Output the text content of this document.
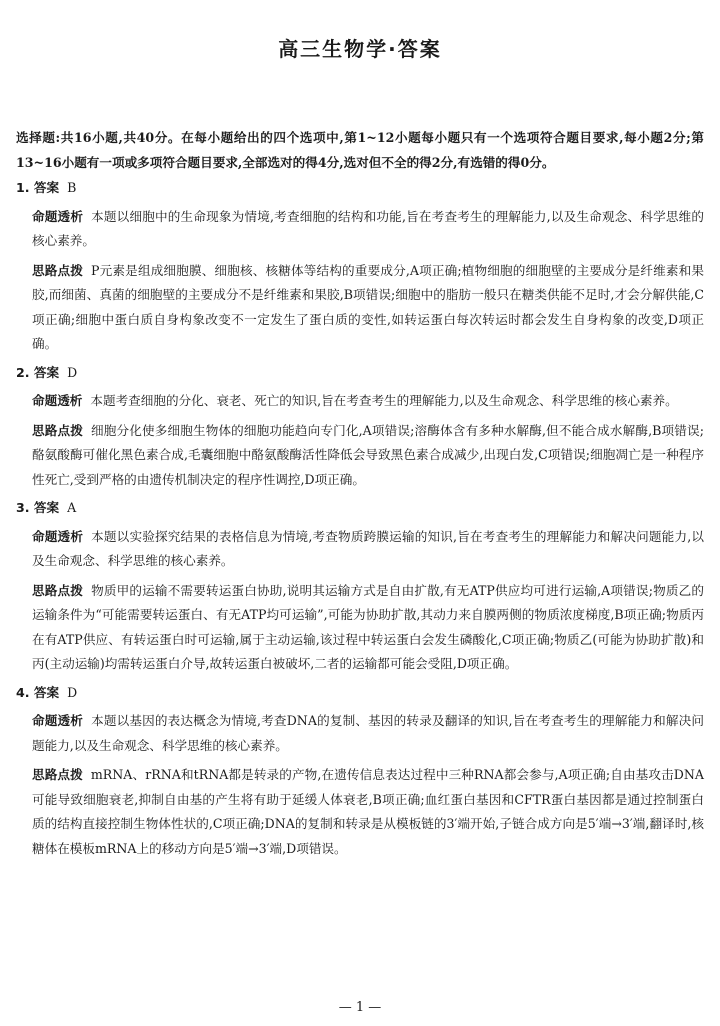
高三生物学·答案
选择题:共16小题,共40分。在每小题给出的四个选项中,第1~12小题每小题只有一个选项符合题目要求,每小题2分;第13~16小题有一项或多项符合题目要求,全部选对的得4分,选对但不全的得2分,有选错的得0分。
1. 答案 B
命题透析 本题以细胞中的生命现象为情境,考查细胞的结构和功能,旨在考查考生的理解能力,以及生命观念、科学思维的核心素养。
思路点拨 P元素是组成细胞膜、细胞核、核糖体等结构的重要成分,A项正确;植物细胞的细胞壁的主要成分是纤维素和果胶,而细菌、真菌的细胞壁的主要成分不是纤维素和果胶,B项错误;细胞中的脂肪一般只在糖类供能不足时,才会分解供能,C项正确;细胞中蛋白质自身构象改变不一定发生了蛋白质的变性,如转运蛋白每次转运时都会发生自身构象的改变,D项正确。
2. 答案 D
命题透析 本题考查细胞的分化、衰老、死亡的知识,旨在考查考生的理解能力,以及生命观念、科学思维的核心素养。
思路点拨 细胞分化使多细胞生物体的细胞功能趋向专门化,A项错误;溶酶体含有多种水解酶,但不能合成水解酶,B项错误;酪氨酸酶可催化黑色素合成,毛囊细胞中酪氨酸酶活性降低会导致黑色素合成减少,出现白发,C项错误;细胞凋亡是一种程序性死亡,受到严格的由遗传机制决定的程序性调控,D项正确。
3. 答案 A
命题透析 本题以实验探究结果的表格信息为情境,考查物质跨膜运输的知识,旨在考查考生的理解能力和解决问题能力,以及生命观念、科学思维的核心素养。
思路点拨 物质甲的运输不需要转运蛋白协助,说明其运输方式是自由扩散,有无ATP供应均可进行运输,A项错误;物质乙的运输条件为“可能需要转运蛋白、有无ATP均可运输”,可能为协助扩散,其动力来自膜两侧的物质浓度梯度,B项正确;物质丙在有ATP供应、有转运蛋白时可运输,属于主动运输,该过程中转运蛋白会发生磷酸化,C项正确;物质乙(可能为协助扩散)和丙(主动运输)均需转运蛋白介导,故转运蛋白被破坏,二者的运输都可能会受阻,D项正确。
4. 答案 D
命题透析 本题以基因的表达概念为情境,考查DNA的复制、基因的转录及翻译的知识,旨在考查考生的理解能力和解决问题能力,以及生命观念、科学思维的核心素养。
思路点拨 mRNA、rRNA和tRNA都是转录的产物,在遗传信息表达过程中三种RNA都会参与,A项正确;自由基攻击DNA可能导致细胞衰老,抑制自由基的产生将有助于延缓人体衰老,B项正确;血红蛋白基因和CFTR蛋白基因都是通过控制蛋白质的结构直接控制生物体性状的,C项正确;DNA的复制和转录是从模板链的3′端开始,子链合成方向是5′端→3′端,翻译时,核糖体在模板mRNA上的移动方向是5′端→3′端,D项错误。
— 1 —
